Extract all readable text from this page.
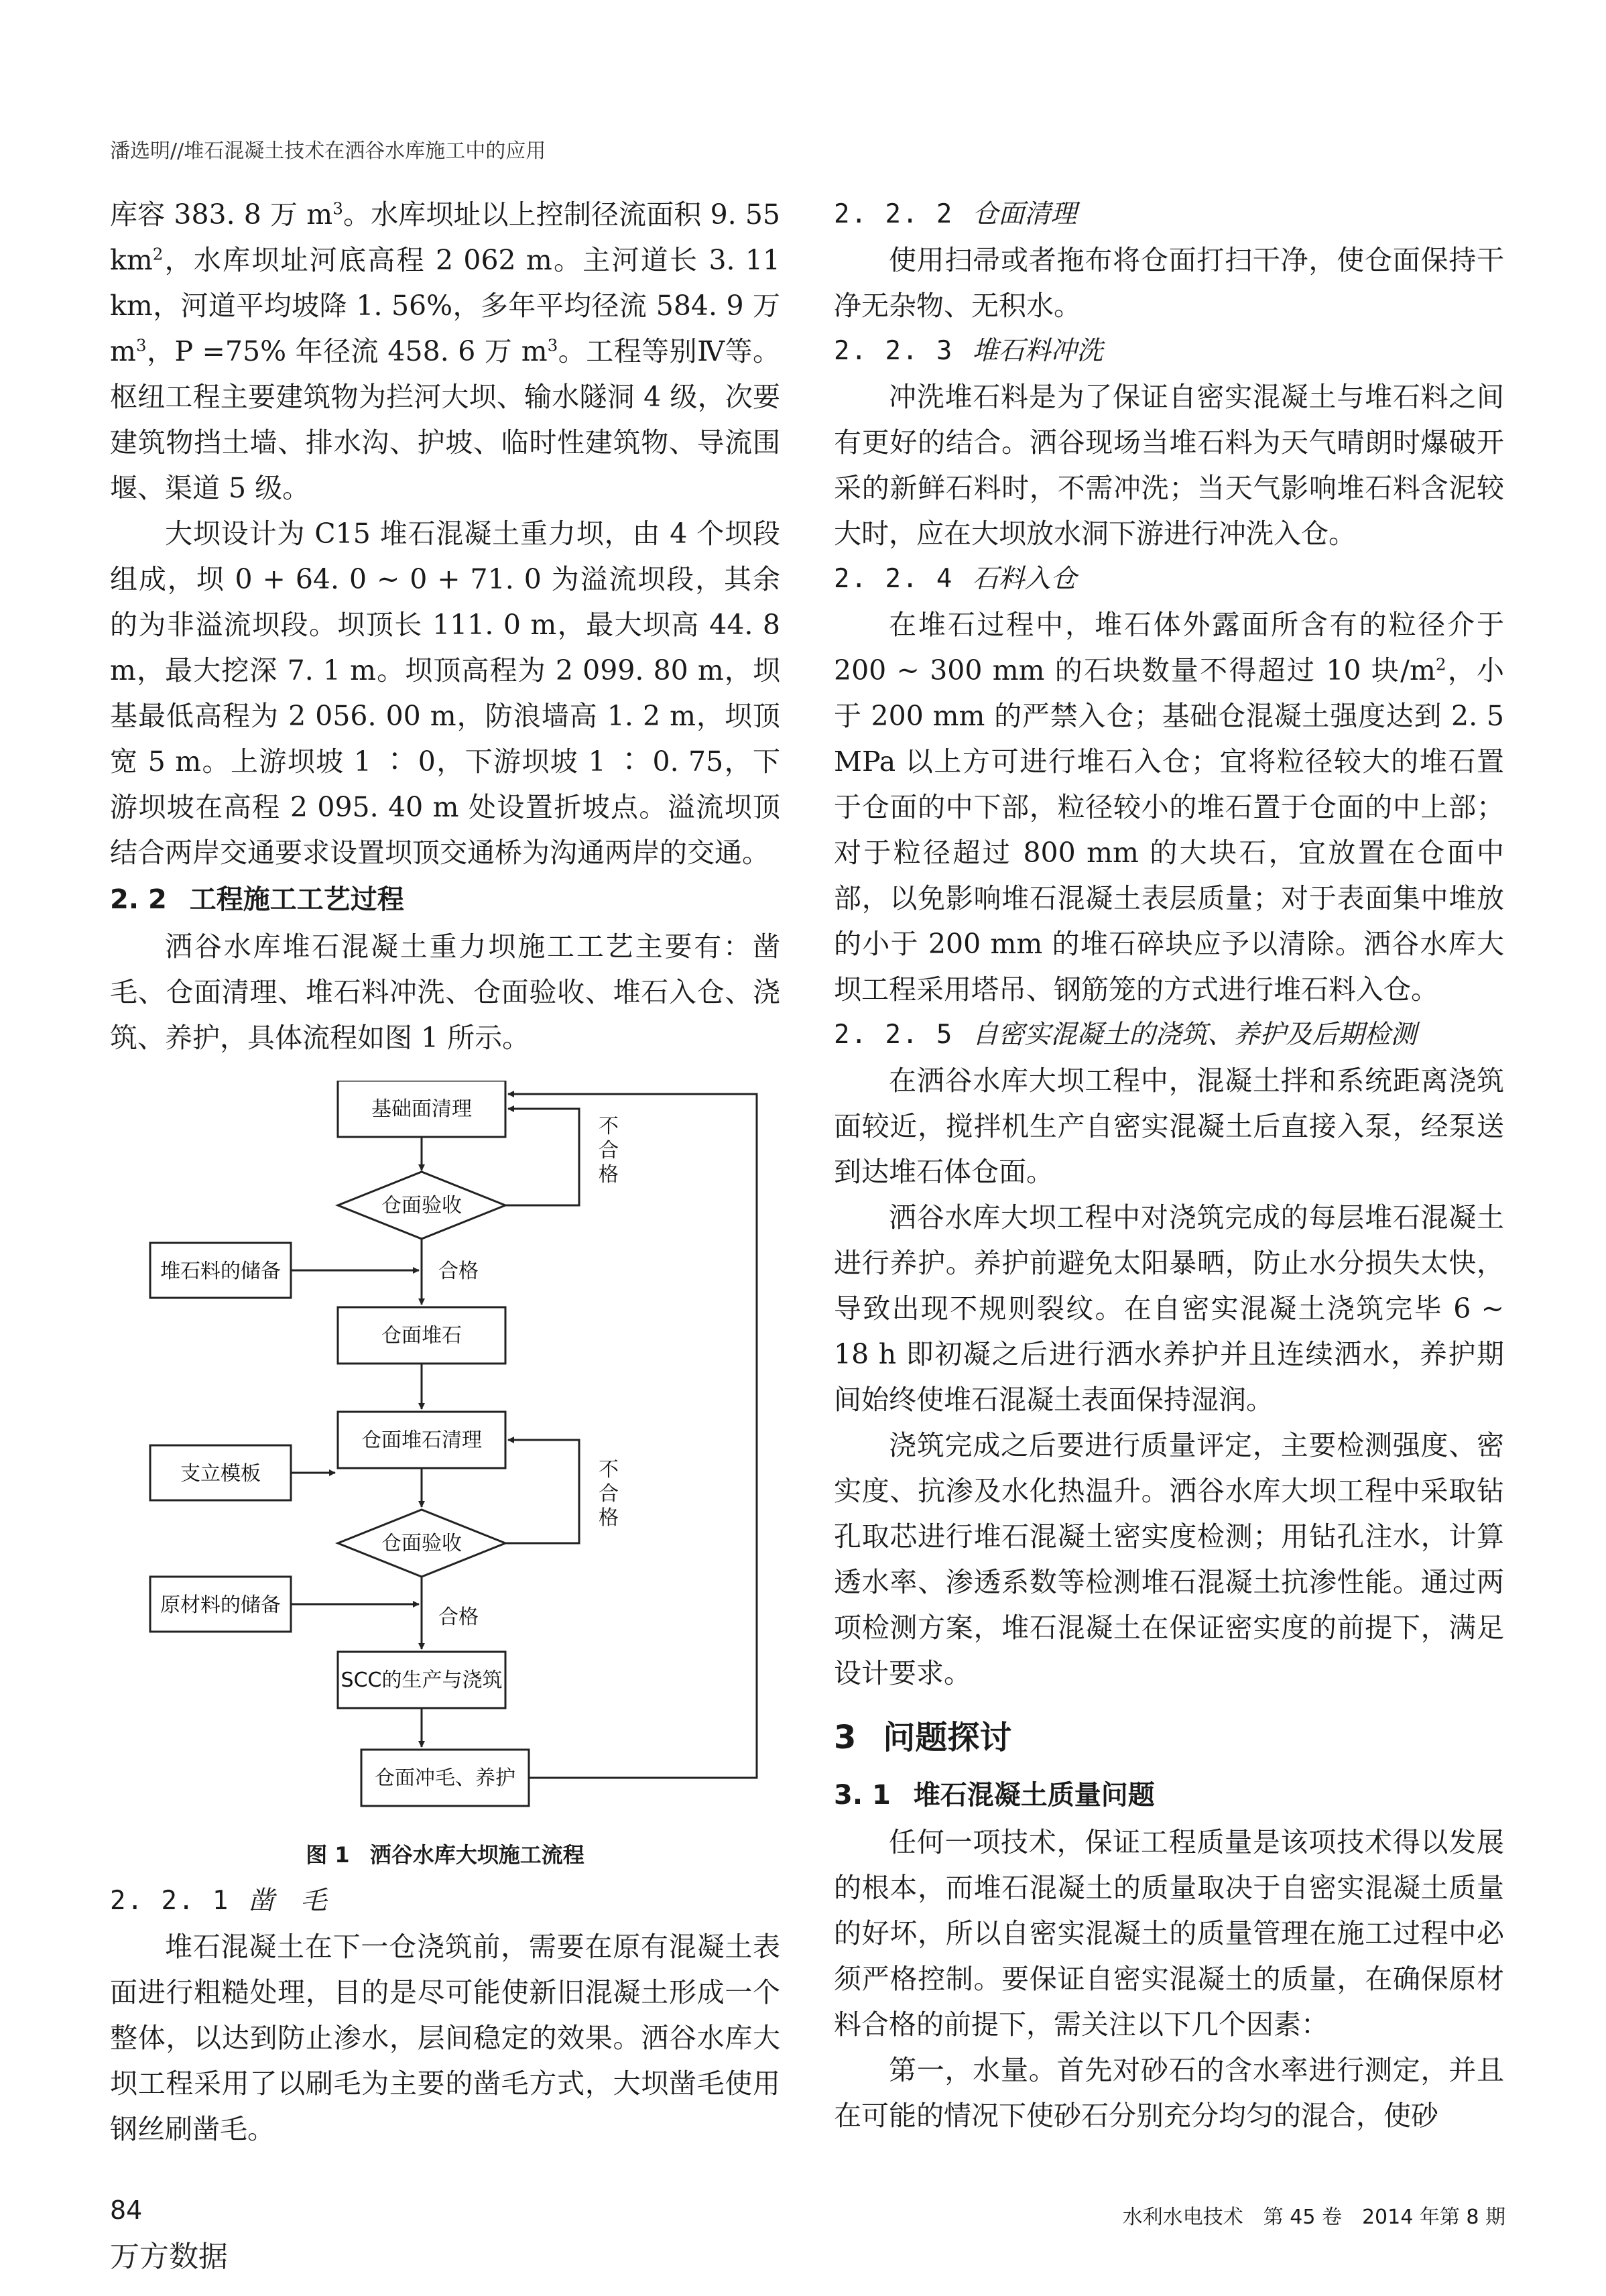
潘选明//堆石混凝土技术在洒谷水库施工中的应用

库容 383. 8 万 $m^3$。水库坝址以上控制径流面积 9. 55 $km^2$，水库坝址河底高程 2 062 m。主河道长 3. 11 km，河道平均坡降 1. 56%，多年平均径流 584. 9 万 $m^3$，P =75% 年径流 458. 6 万 $m^3$。工程等别Ⅳ等。枢纽工程主要建筑物为拦河大坝、输水隧洞 4 级，次要建筑物挡土墙、排水沟、护坡、临时性建筑物、导流围堰、渠道 5 级。

大坝设计为 C15 堆石混凝土重力坝，由 4 个坝段组成，坝 0 + 64. 0 ~ 0 + 71. 0 为溢流坝段，其余的为非溢流坝段。坝顶长 111. 0 m，最大坝高 44. 8 m，最大挖深 7. 1 m。坝顶高程为 2 099. 80 m，坝基最低高程为 2 056. 00 m，防浪墙高 1. 2 m，坝顶宽 5 m。上游坝坡 1 ∶ 0，下游坝坡 1 ∶ 0. 75，下游坝坡在高程 2 095. 40 m 处设置折坡点。溢流坝顶结合两岸交通要求设置坝顶交通桥为沟通两岸的交通。

2. 2 工程施工工艺过程

洒谷水库堆石混凝土重力坝施工工艺主要有：凿毛、仓面清理、堆石料冲洗、仓面验收、堆石入仓、浇筑、养护，具体流程如图 1 所示。

基础面清理
仓面验收
仓面堆石
仓面堆石清理
仓面验收
SCC的生产与浇筑
仓面冲毛、养护
堆石料的储备
支立模板
原材料的储备
合格
合格
不
合
格
不
合
格
图 1 洒谷水库大坝施工流程
2. 2. 1 凿　毛

堆石混凝土在下一仓浇筑前，需要在原有混凝土表面进行粗糙处理，目的是尽可能使新旧混凝土形成一个整体，以达到防止渗水，层间稳定的效果。洒谷水库大坝工程采用了以刷毛为主要的凿毛方式，大坝凿毛使用钢丝刷凿毛。

2. 2. 2 仓面清理

使用扫帚或者拖布将仓面打扫干净，使仓面保持干净无杂物、无积水。

2. 2. 3 堆石料冲洗

冲洗堆石料是为了保证自密实混凝土与堆石料之间有更好的结合。洒谷现场当堆石料为天气晴朗时爆破开采的新鲜石料时，不需冲洗；当天气影响堆石料含泥较大时，应在大坝放水洞下游进行冲洗入仓。

2. 2. 4 石料入仓

在堆石过程中，堆石体外露面所含有的粒径介于 200 ~ 300 mm 的石块数量不得超过 10 块$/m^2$，小于 200 mm 的严禁入仓；基础仓混凝土强度达到 2. 5 MPa 以上方可进行堆石入仓；宜将粒径较大的堆石置于仓面的中下部，粒径较小的堆石置于仓面的中上部；对于粒径超过 800 mm 的大块石，宜放置在仓面中部，以免影响堆石混凝土表层质量；对于表面集中堆放的小于 200 mm 的堆石碎块应予以清除。洒谷水库大坝工程采用塔吊、钢筋笼的方式进行堆石料入仓。

2. 2. 5 自密实混凝土的浇筑、养护及后期检测

在洒谷水库大坝工程中，混凝土拌和系统距离浇筑面较近，搅拌机生产自密实混凝土后直接入泵，经泵送到达堆石体仓面。

洒谷水库大坝工程中对浇筑完成的每层堆石混凝土进行养护。养护前避免太阳暴晒，防止水分损失太快，导致出现不规则裂纹。在自密实混凝土浇筑完毕 6 ~ 18 h 即初凝之后进行洒水养护并且连续洒水，养护期间始终使堆石混凝土表面保持湿润。

浇筑完成之后要进行质量评定，主要检测强度、密实度、抗渗及水化热温升。洒谷水库大坝工程中采取钻孔取芯进行堆石混凝土密实度检测；用钻孔注水，计算透水率、渗透系数等检测堆石混凝土抗渗性能。通过两项检测方案，堆石混凝土在保证密实度的前提下，满足设计要求。

3 问题探讨
3. 1 堆石混凝土质量问题

任何一项技术，保证工程质量是该项技术得以发展的根本，而堆石混凝土的质量取决于自密实混凝土质量的好坏，所以自密实混凝土的质量管理在施工过程中必须严格控制。要保证自密实混凝土的质量，在确保原材料合格的前提下，需关注以下几个因素：

第一，水量。首先对砂石的含水率进行测定，并且在可能的情况下使砂石分别充分均匀的混合，使砂

84
万方数据
水利水电技术　第 45 卷　2014 年第 8 期
